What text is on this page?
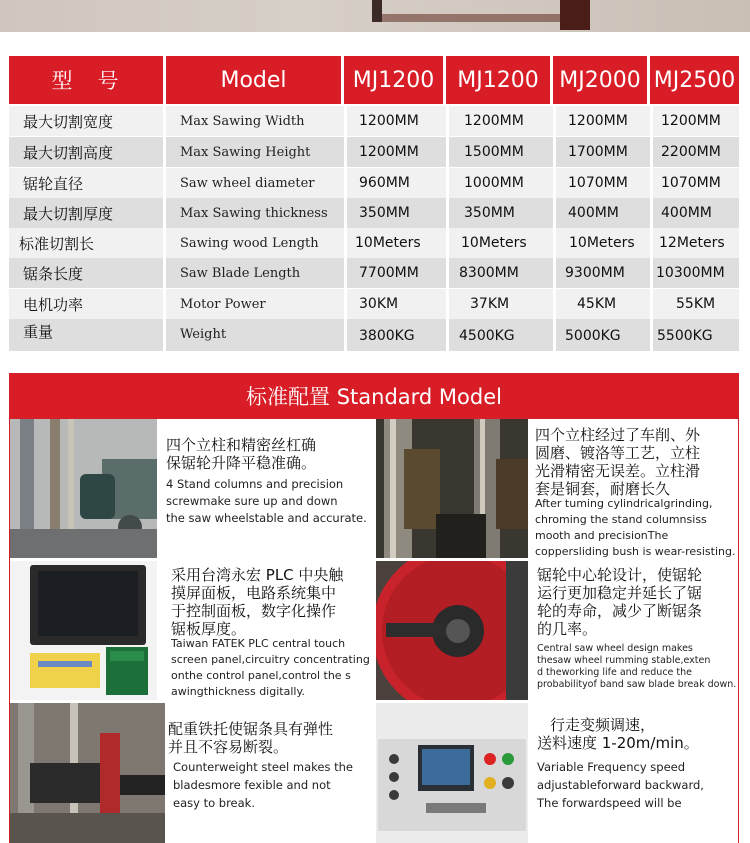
型　号	Model	MJ1200	MJ1200 MJ2000 MJ2500
最大切割宽度	Max Sawing Width	1200MM	1200MM	1200MM 1200MM
最大切割高度	Max Sawing Height	1200MM	1500MM	1700MM 2200MM
锯轮直径	Saw wheel diameter	960MM	1000MM	1070MM 1070MM
最大切割厚度	Max Sawing thickness 350MM	350MM	400MM	400MM
标准切割长	Sawing wood Length	10Meters	10Meters	10Meters 12Meters
锯条长度	Saw Blade Length	7700MM	8300MM	9300MM 10300MM
电机功率	Motor Power	30KM	37KM	45KM	55KM
重量	Weight	3800KG	4500KG	5000KG	5500KG
标准配置 Standard Model
四个立柱和精密丝杠确
保锯轮升降平稳准确。
4 Stand columns and precision
screwmake sure up and down
the saw wheelstable and accurate.
四个立柱经过了车削、外
圆磨、镀洛等工艺，立柱
光滑精密无误差。立柱滑
套是铜套，耐磨长久
After tuming cylindricalgrinding,
chroming the stand columnsiss
mooth and precisionThe
coppersliding bush is wear-resisting.
采用台湾永宏 PLC 中央触
摸屏面板，电路系统集中
于控制面板，数字化操作
锯板厚度。
Taiwan FATEK PLC central touch
screen panel,circuitry concentrating
onthe control panel,control the s
awingthickness digitally.
锯轮中心轮设计，使锯轮
运行更加稳定并延长了锯
轮的寿命，减少了断锯条
的几率。
Central saw wheel design makes
thesaw wheel rumming stable,exten
d theworking life and reduce the
probabilityof band saw blade break down.
配重铁托使锯条具有弹性
并且不容易断裂。
Counterweight steel makes the
bladesmore fexible and not
easy to break.
行走变频调速，
送料速度 1-20m/min。
Variable Frequency speed
adjustableforward backward,
The forwardspeed will be
